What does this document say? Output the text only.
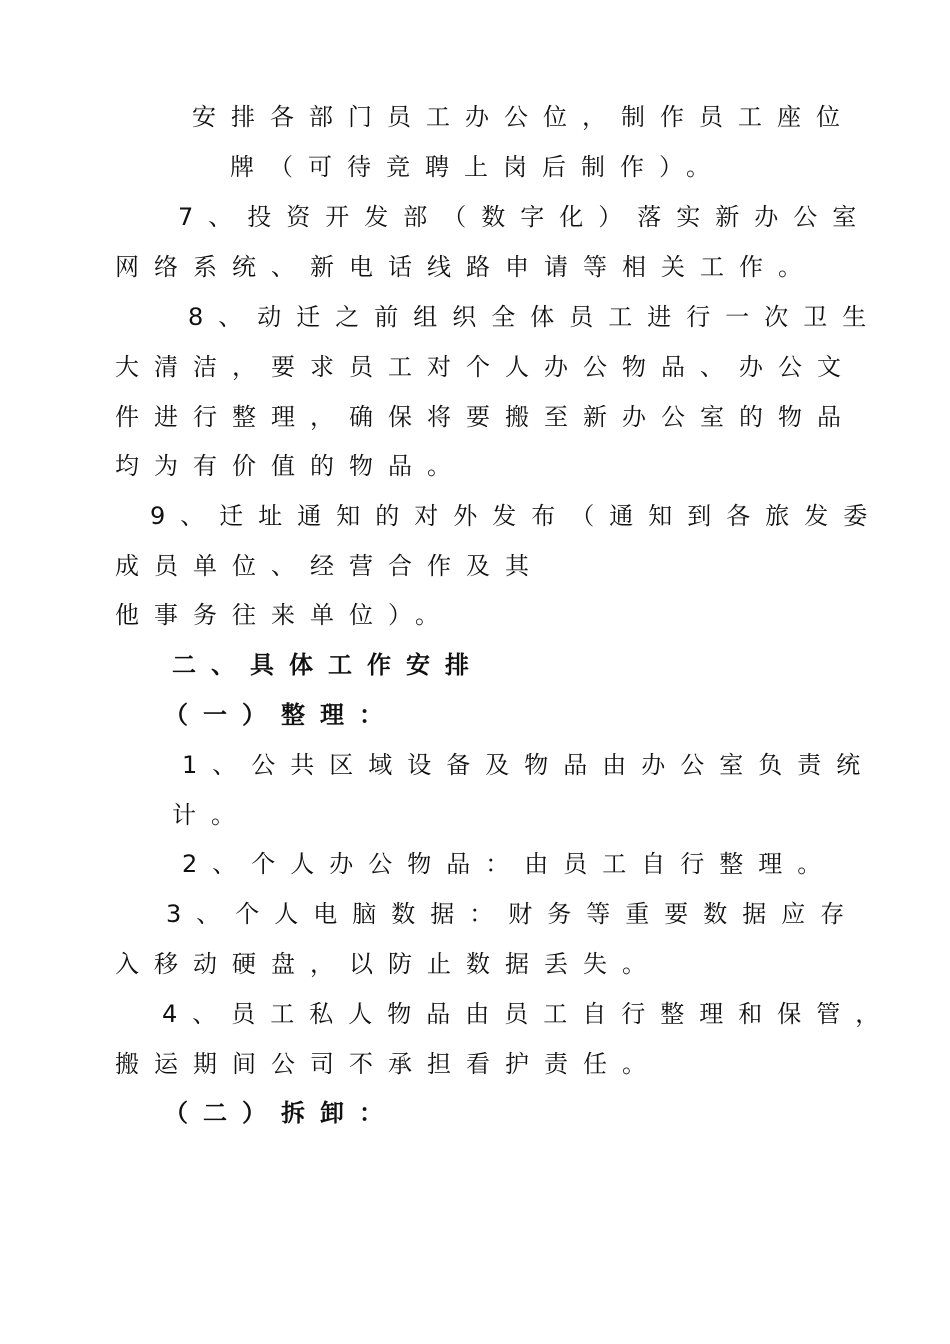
安排各部门员工办公位，制作员工座位
牌（可待竞聘上岗后制作）。
7、投资开发部（数字化）落实新办公室
网络系统、新电话线路申请等相关工作。
8、动迁之前组织全体员工进行一次卫生
大清洁，要求员工对个人办公物品、办公文
件进行整理，确保将要搬至新办公室的物品
均为有价值的物品。
9、迁址通知的对外发布（通知到各旅发委
成员单位、经营合作及其
他事务往来单位）。
二、具体工作安排
（一）整理：
1、公共区域设备及物品由办公室负责统
计。
2、个人办公物品：由员工自行整理。
3、个人电脑数据：财务等重要数据应存
入移动硬盘，以防止数据丢失。
4、员工私人物品由员工自行整理和保管，
搬运期间公司不承担看护责任。
（二）拆卸：
